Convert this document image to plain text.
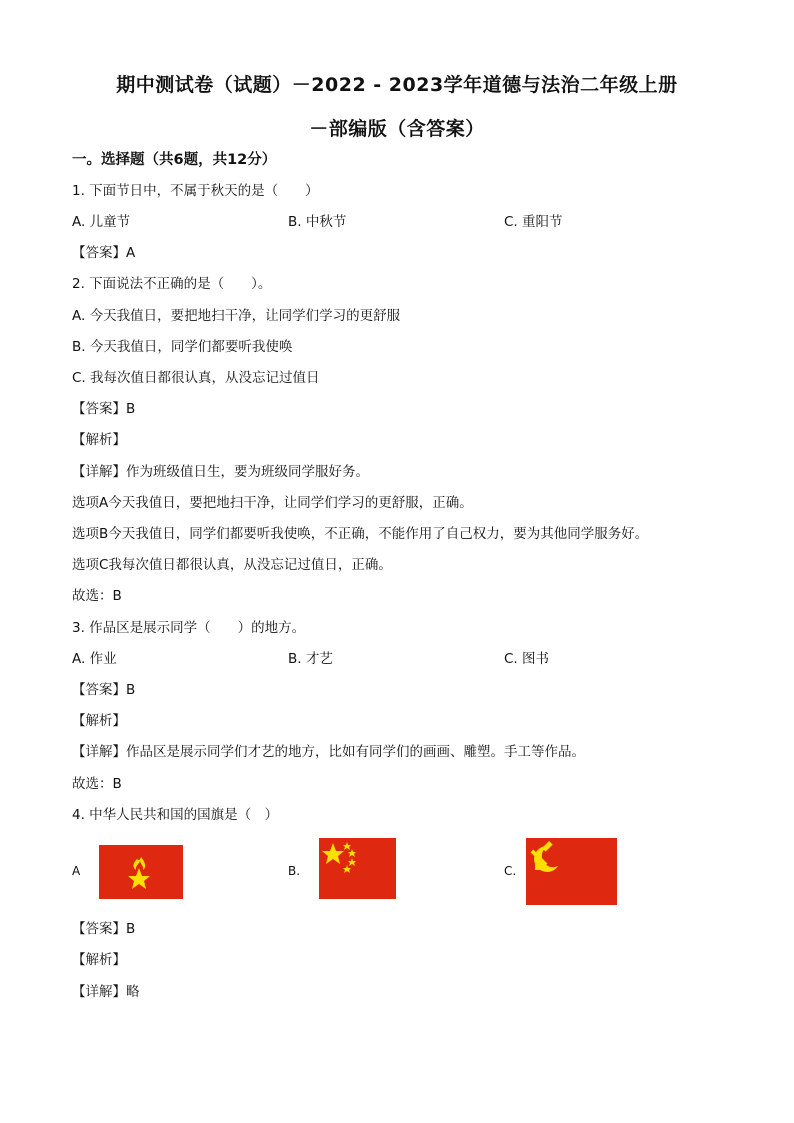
期中测试卷（试题）－2022 - 2023学年道德与法治二年级上册
－部编版（含答案）
一。选择题（共6题，共12分）
1. 下面节日中，不属于秋天的是（　　）
A. 儿童节	B. 中秋节	C. 重阳节
【答案】A
2. 下面说法不正确的是（　　）。
A. 今天我值日，要把地扫干净，让同学们学习的更舒服
B. 今天我值日，同学们都要听我使唤
C. 我每次值日都很认真，从没忘记过值日
【答案】B
【解析】
【详解】作为班级值日生，要为班级同学服好务。
选项A今天我值日，要把地扫干净，让同学们学习的更舒服，正确。
选项B今天我值日，同学们都要听我使唤，不正确，不能作用了自己权力，要为其他同学服务好。
选项C我每次值日都很认真，从没忘记过值日，正确。
故选：B
3. 作品区是展示同学（　　）的地方。
A. 作业	B. 才艺	C. 图书
【答案】B
【解析】
【详解】作品区是展示同学们才艺的地方，比如有同学们的画画、雕塑。手工等作品。
故选：B
4. 中华人民共和国的国旗是（　）
A	B.	C.
【答案】B
【解析】
【详解】略
